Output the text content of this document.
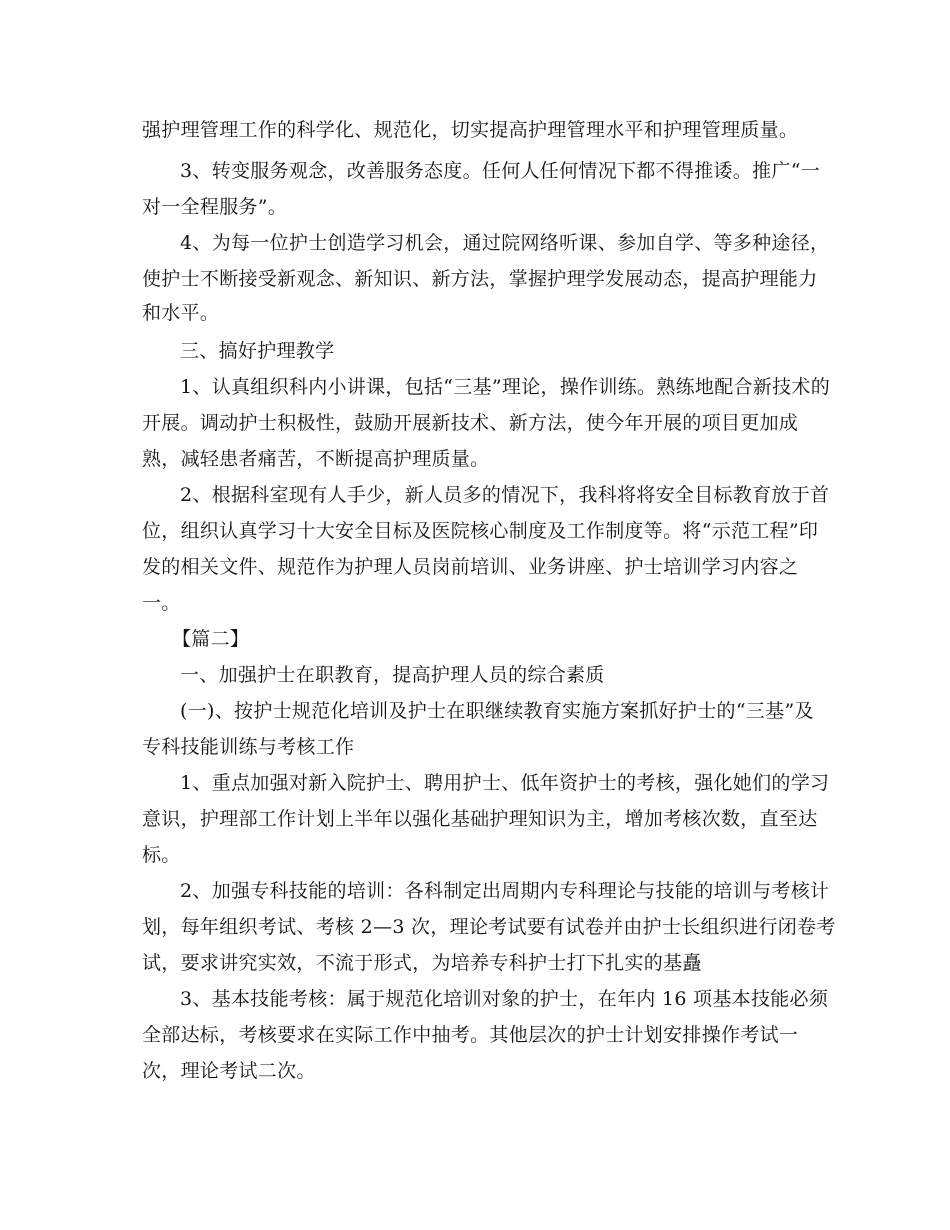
强护理管理工作的科学化、规范化，切实提高护理管理水平和护理管理质量。
3、转变服务观念，改善服务态度。任何人任何情况下都不得推诿。推广“一
对一全程服务”。
4、为每一位护士创造学习机会，通过院网络听课、参加自学、等多种途径，
使护士不断接受新观念、新知识、新方法，掌握护理学发展动态，提高护理能力
和水平。
三、搞好护理教学
1、认真组织科内小讲课，包括“三基”理论，操作训练。熟练地配合新技术的
开展。调动护士积极性，鼓励开展新技术、新方法，使今年开展的项目更加成
熟，减轻患者痛苦，不断提高护理质量。
2、根据科室现有人手少，新人员多的情况下，我科将将安全目标教育放于首
位，组织认真学习十大安全目标及医院核心制度及工作制度等。将“示范工程”印
发的相关文件、规范作为护理人员岗前培训、业务讲座、护士培训学习内容之
一。
【篇二】
一、加强护士在职教育，提高护理人员的综合素质
(一)、按护士规范化培训及护士在职继续教育实施方案抓好护士的“三基”及
专科技能训练与考核工作
1、重点加强对新入院护士、聘用护士、低年资护士的考核，强化她们的学习
意识，护理部工作计划上半年以强化基础护理知识为主，增加考核次数，直至达
标。
2、加强专科技能的培训：各科制定出周期内专科理论与技能的培训与考核计
划，每年组织考试、考核 2—3 次，理论考试要有试卷并由护士长组织进行闭卷考
试，要求讲究实效，不流于形式，为培养专科护士打下扎实的基矗
3、基本技能考核：属于规范化培训对象的护士，在年内 16 项基本技能必须
全部达标，考核要求在实际工作中抽考。其他层次的护士计划安排操作考试一
次，理论考试二次。
